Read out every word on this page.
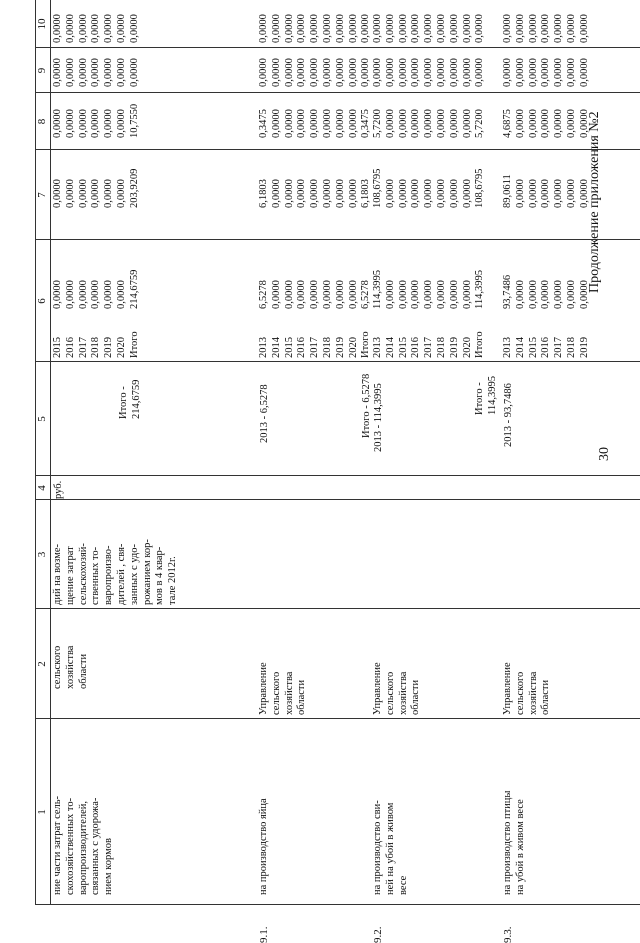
30
Продолжение приложения №2
1
2
3
4
5
6
7
8
9
10
ние части затрат сель- скохозяйственных то- варопроизводителей, связанных с удорожа- нием кормов
сельского хозяйства области
дий на возме- щение затрат сельскохозяй- ственных то- варопроизво- дителей , свя- занных с удо- рожанием кор- мов в 4 квар- тале 2012г.
руб.
Итого - 214,6759
2015 2016 2017 2018 2019 2020 Итого
0,0000 0,0000 0,0000 0,0000 0,0000 0,0000 214,6759
0,0000 0,0000 0,0000 0,0000 0,0000 0,0000 203,9209
0,0000 0,0000 0,0000 0,0000 0,0000 0,0000 10,7550
0,0000 0,0000 0,0000 0,0000 0,0000 0,0000 0,0000
0,0000 0,0000 0,0000 0,0000 0,0000 0,0000 0,0000
9.1.
на производство яйца
Управление сельского хозяйства области
2013 - 6,5278	Итого - 6,5278
2013 2014 2015 2016 2017 2018 2019 2020 Итого
6,5278 0,0000 0,0000 0,0000 0,0000 0,0000 0,0000 0,0000 6,5278
6,1803 0,0000 0,0000 0,0000 0,0000 0,0000 0,0000 0,0000 6,1803
0,3475 0,0000 0,0000 0,0000 0,0000 0,0000 0,0000 0,0000 0,3475
0,0000 0,0000 0,0000 0,0000 0,0000 0,0000 0,0000 0,0000 0,0000
0,0000 0,0000 0,0000 0,0000 0,0000 0,0000 0,0000 0,0000 0,0000
9.2.
на производство сви- ней на убой в живом весе
Управление сельского хозяйства области
2013 - 114,3995	Итого - 114,3995
2013 2014 2015 2016 2017 2018 2019 2020 Итого
114,3995 0,0000 0,0000 0,0000 0,0000 0,0000 0,0000 0,0000 114,3995
108,6795 0,0000 0,0000 0,0000 0,0000 0,0000 0,0000 0,0000 108,6795
5,7200 0,0000 0,0000 0,0000 0,0000 0,0000 0,0000 0,0000 5,7200
0,0000 0,0000 0,0000 0,0000 0,0000 0,0000 0,0000 0,0000 0,0000
0,0000 0,0000 0,0000 0,0000 0,0000 0,0000 0,0000 0,0000 0,0000
9.3.
на производство птицы на убой в живом весе
Управление сельского хозяйства области
2013 - 93,7486
2013 2014 2015 2016 2017 2018 2019
93,7486 0,0000 0,0000 0,0000 0,0000 0,0000 0,0000
89,0611 0,0000 0,0000 0,0000 0,0000 0,0000 0,0000
4,6875 0,0000 0,0000 0,0000 0,0000 0,0000 0,0000
0,0000 0,0000 0,0000 0,0000 0,0000 0,0000 0,0000
0,0000 0,0000 0,0000 0,0000 0,0000 0,0000 0,0000
